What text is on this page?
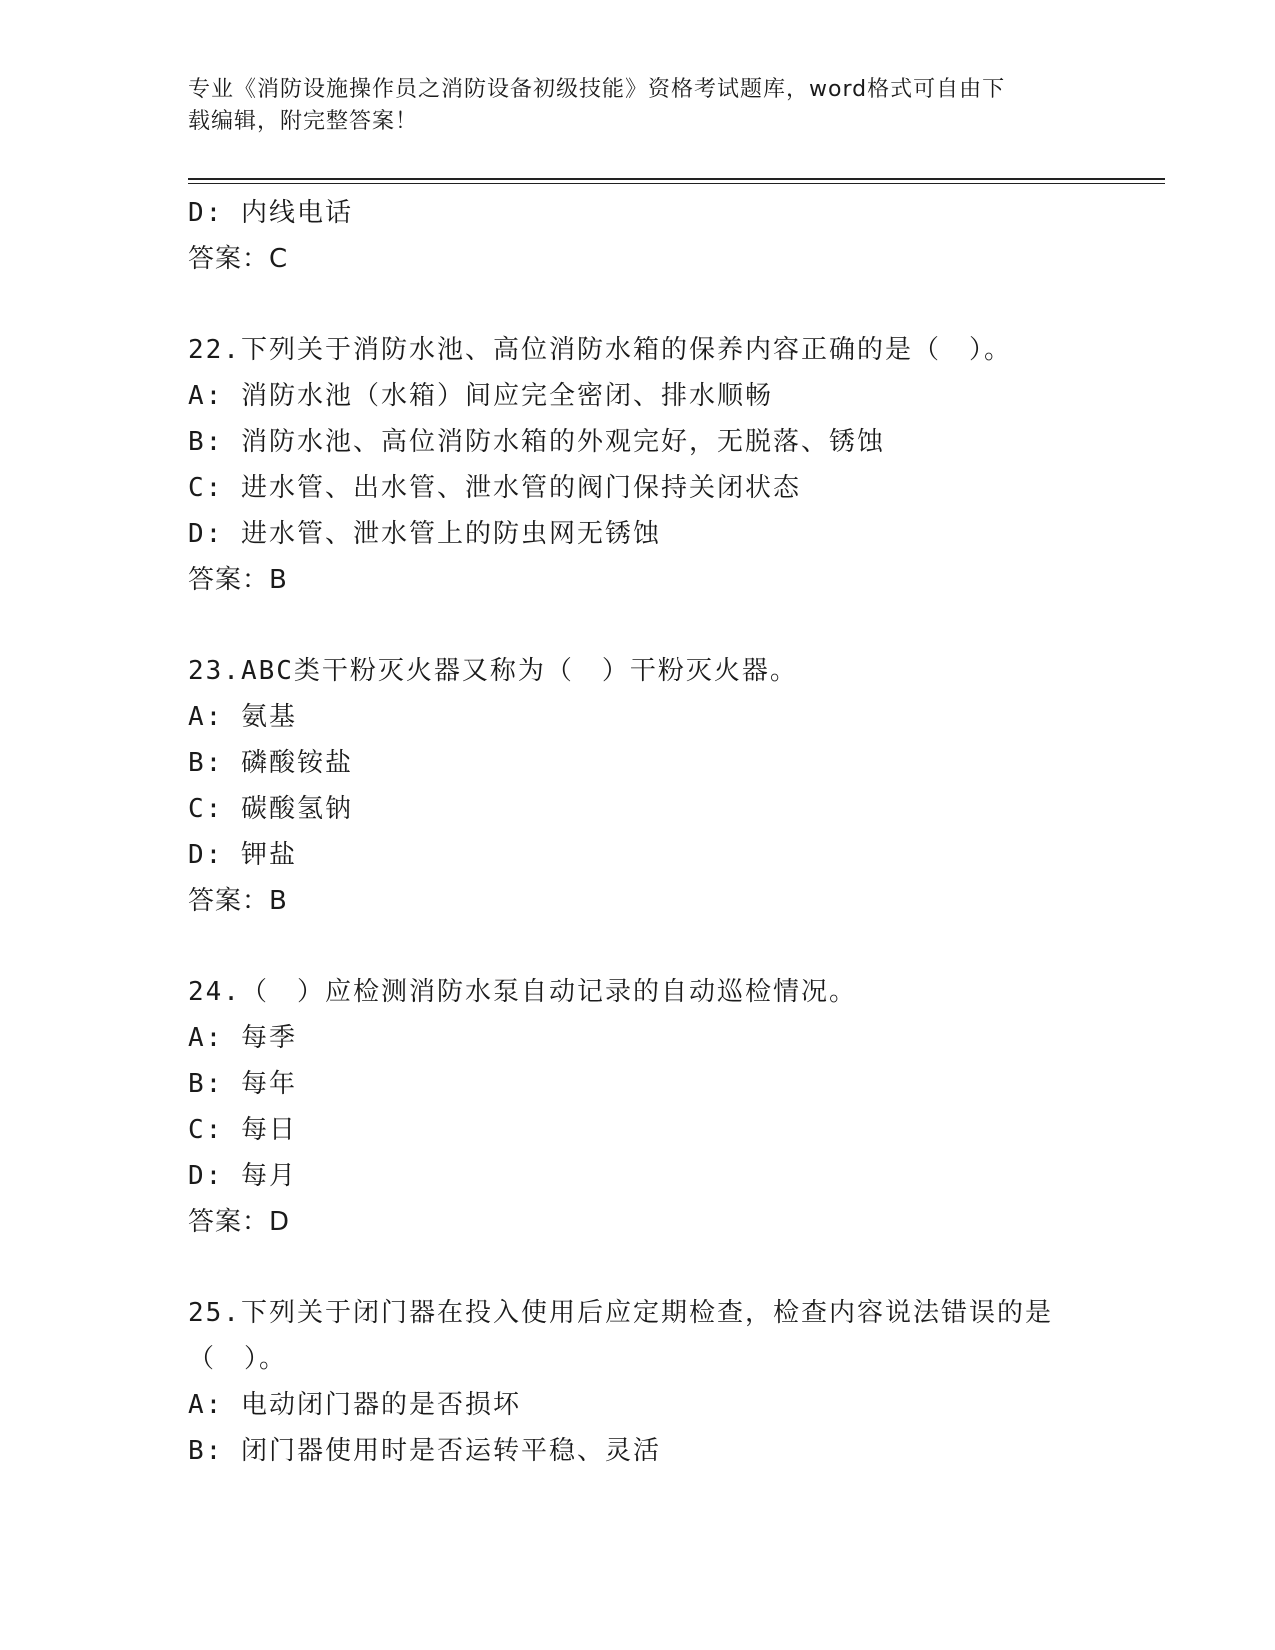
专业《消防设施操作员之消防设备初级技能》资格考试题库，word格式可自由下
载编辑，附完整答案！
D: 内线电话
答案：C
22.下列关于消防水池、高位消防水箱的保养内容正确的是（　）。
A: 消防水池（水箱）间应完全密闭、排水顺畅
B: 消防水池、高位消防水箱的外观完好，无脱落、锈蚀
C: 进水管、出水管、泄水管的阀门保持关闭状态
D: 进水管、泄水管上的防虫网无锈蚀
答案：B
23.ABC类干粉灭火器又称为（　）干粉灭火器。
A: 氨基
B: 磷酸铵盐
C: 碳酸氢钠
D: 钾盐
答案：B
24.（　）应检测消防水泵自动记录的自动巡检情况。
A: 每季
B: 每年
C: 每日
D: 每月
答案：D
25.下列关于闭门器在投入使用后应定期检查，检查内容说法错误的是
（　）。
A: 电动闭门器的是否损坏
B: 闭门器使用时是否运转平稳、灵活
